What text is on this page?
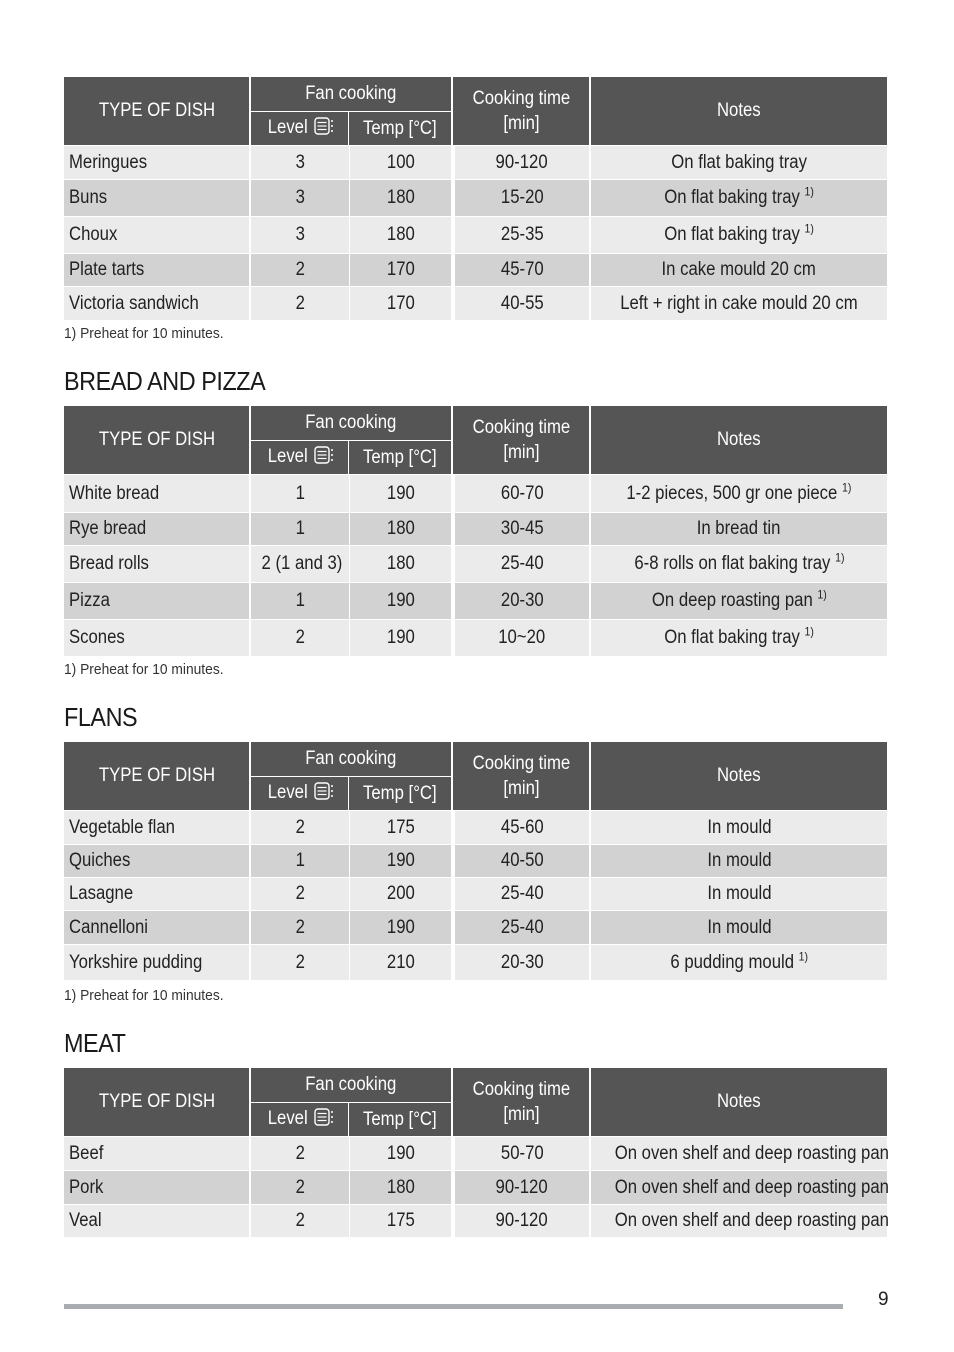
TYPE OF DISH	Fan cooking		Cooking time
[min]	Notes
	Level	Temp [°C]		
Meringues	3	100	90-120	On flat baking tray
Buns	3	180	15-20	On flat baking tray $^{1)}$
Choux	3	180	25-35	On flat baking tray $^{1)}$
Plate tarts	2	170	45-70	In cake mould 20 cm
Victoria sandwich	2	170	40-55	Left + right in cake mould 20 cm
1) Preheat for 10 minutes.
BREAD AND PIZZA
TYPE OF DISH	Fan cooking		Cooking time
[min]	Notes
	Level	Temp [°C]		
White bread	1	190	60-70	1-2 pieces, 500 gr one piece $^{1)}$
Rye bread	1	180	30-45	In bread tin
Bread rolls	2 (1 and 3)	180	25-40	6-8 rolls on flat baking tray $^{1)}$
Pizza	1	190	20-30	On deep roasting pan $^{1)}$
Scones	2	190	10~20	On flat baking tray $^{1)}$
1) Preheat for 10 minutes.
FLANS
TYPE OF DISH	Fan cooking		Cooking time
[min]	Notes
	Level	Temp [°C]		
Vegetable flan	2	175	45-60	In mould
Quiches	1	190	40-50	In mould
Lasagne	2	200	25-40	In mould
Cannelloni	2	190	25-40	In mould
Yorkshire pudding	2	210	20-30	6 pudding mould $^{1)}$
1) Preheat for 10 minutes.
MEAT
TYPE OF DISH	Fan cooking		Cooking time
[min]	Notes
	Level	Temp [°C]		
Beef	2	190	50-70	On oven shelf and deep roasting pan
Pork	2	180	90-120	On oven shelf and deep roasting pan
Veal	2	175	90-120	On oven shelf and deep roasting pan
9
